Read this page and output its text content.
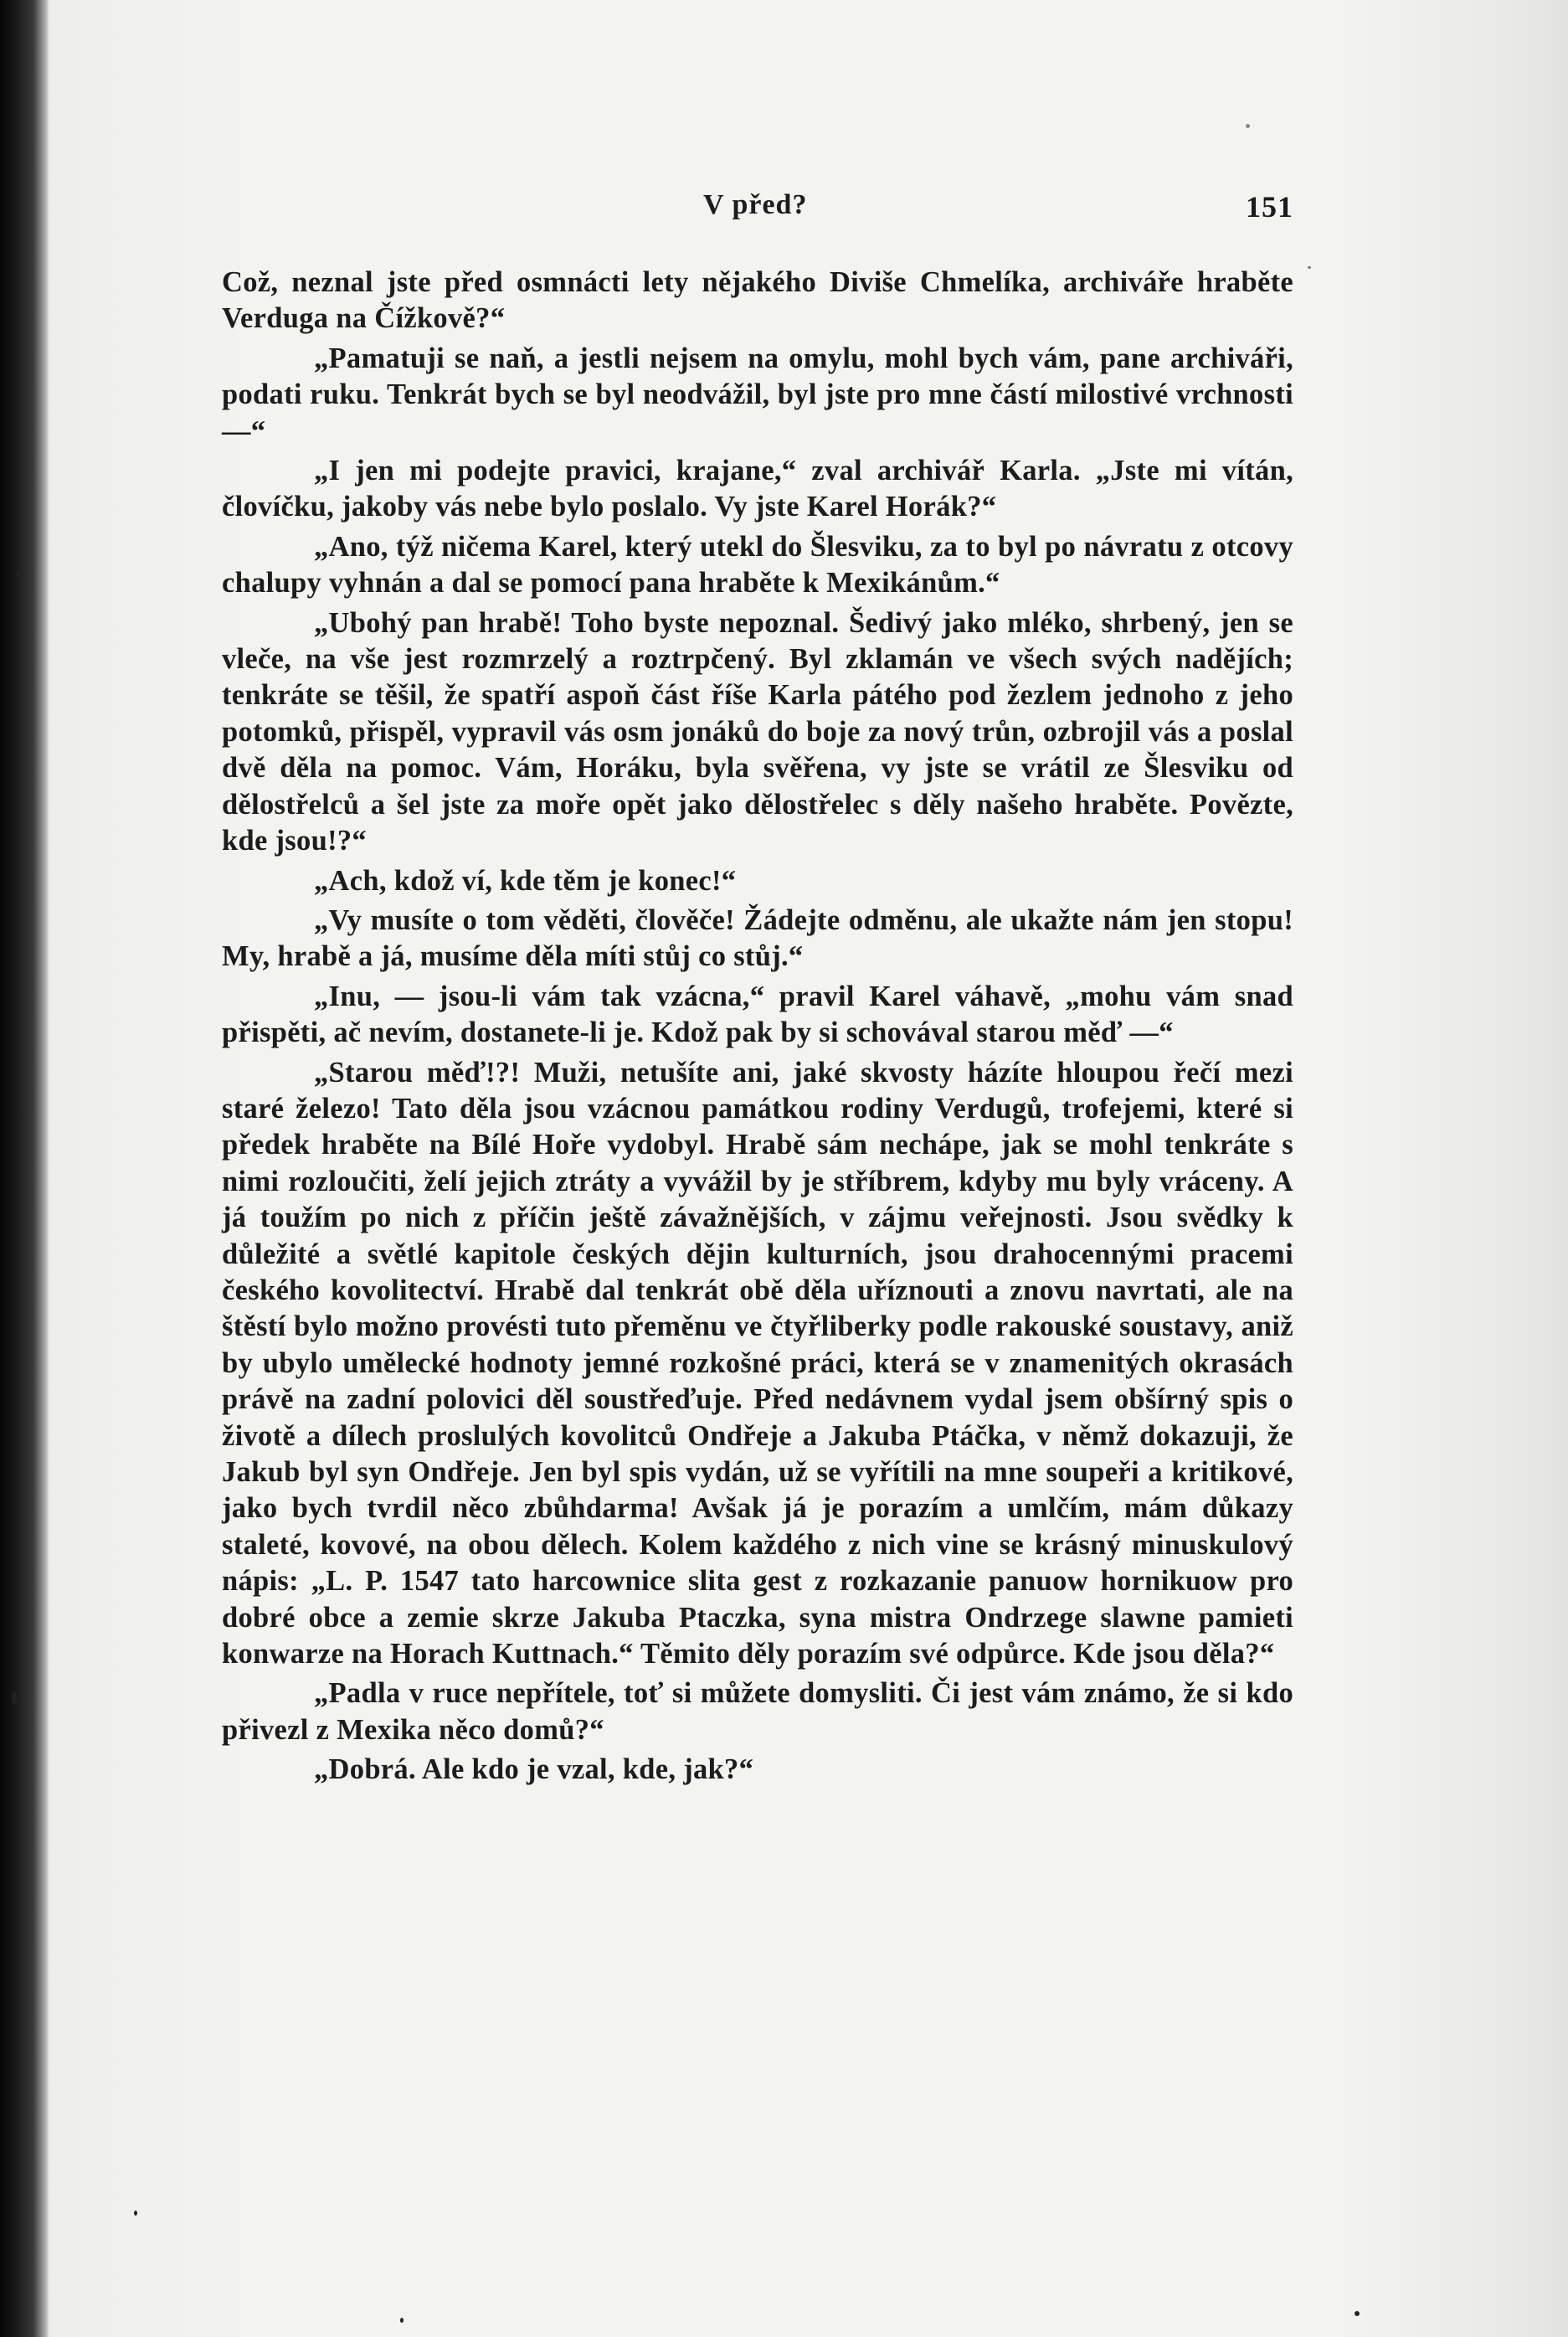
V před?	151

Což, neznal jste před osmnácti lety nějakého Diviše Chmelíka, archiváře hraběte Verduga na Čížkově?“

„Pamatuji se naň, a jestli nejsem na omylu, mohl bych vám, pane archiváři, podati ruku. Tenkrát bych se byl neodvážil, byl jste pro mne částí milostivé vrchnosti —“

„I jen mi podejte pravici, krajane,“ zval archivář Karla. „Jste mi vítán, človíčku, jakoby vás nebe bylo poslalo. Vy jste Karel Horák?“

„Ano, týž ničema Karel, který utekl do Šlesviku, za to byl po návratu z otcovy chalupy vyhnán a dal se pomocí pana hraběte k Mexikánům.“

„Ubohý pan hrabě! Toho byste nepoznal. Šedivý jako mléko, shrbený, jen se vleče, na vše jest rozmrzelý a roztrpčený. Byl zklamán ve všech svých nadějích; tenkráte se těšil, že spatří aspoň část říše Karla pátého pod žezlem jednoho z jeho potomků, přispěl, vypravil vás osm jonáků do boje za nový trůn, ozbrojil vás a poslal dvě děla na pomoc. Vám, Horáku, byla svěřena, vy jste se vrátil ze Šlesviku od dělostřelců a šel jste za moře opět jako dělostřelec s děly našeho hraběte. Povězte, kde jsou!?“

„Ach, kdož ví, kde těm je konec!“

„Vy musíte o tom věděti, člověče! Žádejte odměnu, ale ukažte nám jen stopu! My, hrabě a já, musíme děla míti stůj co stůj.“

„Inu, — jsou-li vám tak vzácna,“ pravil Karel váhavě, „mohu vám snad přispěti, ač nevím, dostanete-li je. Kdož pak by si schovával starou měď —“

„Starou měď!?! Muži, netušíte ani, jaké skvosty házíte hloupou řečí mezi staré železo! Tato děla jsou vzácnou památkou rodiny Verdugů, trofejemi, které si předek hraběte na Bílé Hoře vydobyl. Hrabě sám nechápe, jak se mohl tenkráte s nimi rozloučiti, želí jejich ztráty a vyvážil by je stříbrem, kdyby mu byly vráceny. A já toužím po nich z příčin ještě závažnějších, v zájmu veřejnosti. Jsou svědky k důležité a světlé kapitole českých dějin kulturních, jsou drahocennými pracemi českého kovolitectví. Hrabě dal tenkrát obě děla uříznouti a znovu navrtati, ale na štěstí bylo možno provésti tuto přeměnu ve čtyřliberky podle rakouské soustavy, aniž by ubylo umělecké hodnoty jemné rozkošné práci, která se v znamenitých okrasách právě na zadní polovici děl soustřeďuje. Před nedávnem vydal jsem obšírný spis o životě a dílech proslulých kovolitců Ondřeje a Jakuba Ptáčka, v němž dokazuji, že Jakub byl syn Ondřeje. Jen byl spis vydán, už se vyřítili na mne soupeři a kritikové, jako bych tvrdil něco zbůhdarma! Avšak já je porazím a umlčím, mám důkazy staleté, kovové, na obou dělech. Kolem každého z nich vine se krásný minuskulový nápis: „L. P. 1547 tato harcownice slita gest z rozkazanie panuow hornikuow pro dobré obce a zemie skrze Jakuba Ptaczka, syna mistra Ondrzege slawne pamieti konwarze na Horach Kuttnach.“ Těmito děly porazím své odpůrce. Kde jsou děla?“

„Padla v ruce nepřítele, toť si můžete domysliti. Či jest vám známo, že si kdo přivezl z Mexika něco domů?“

„Dobrá. Ale kdo je vzal, kde, jak?“
